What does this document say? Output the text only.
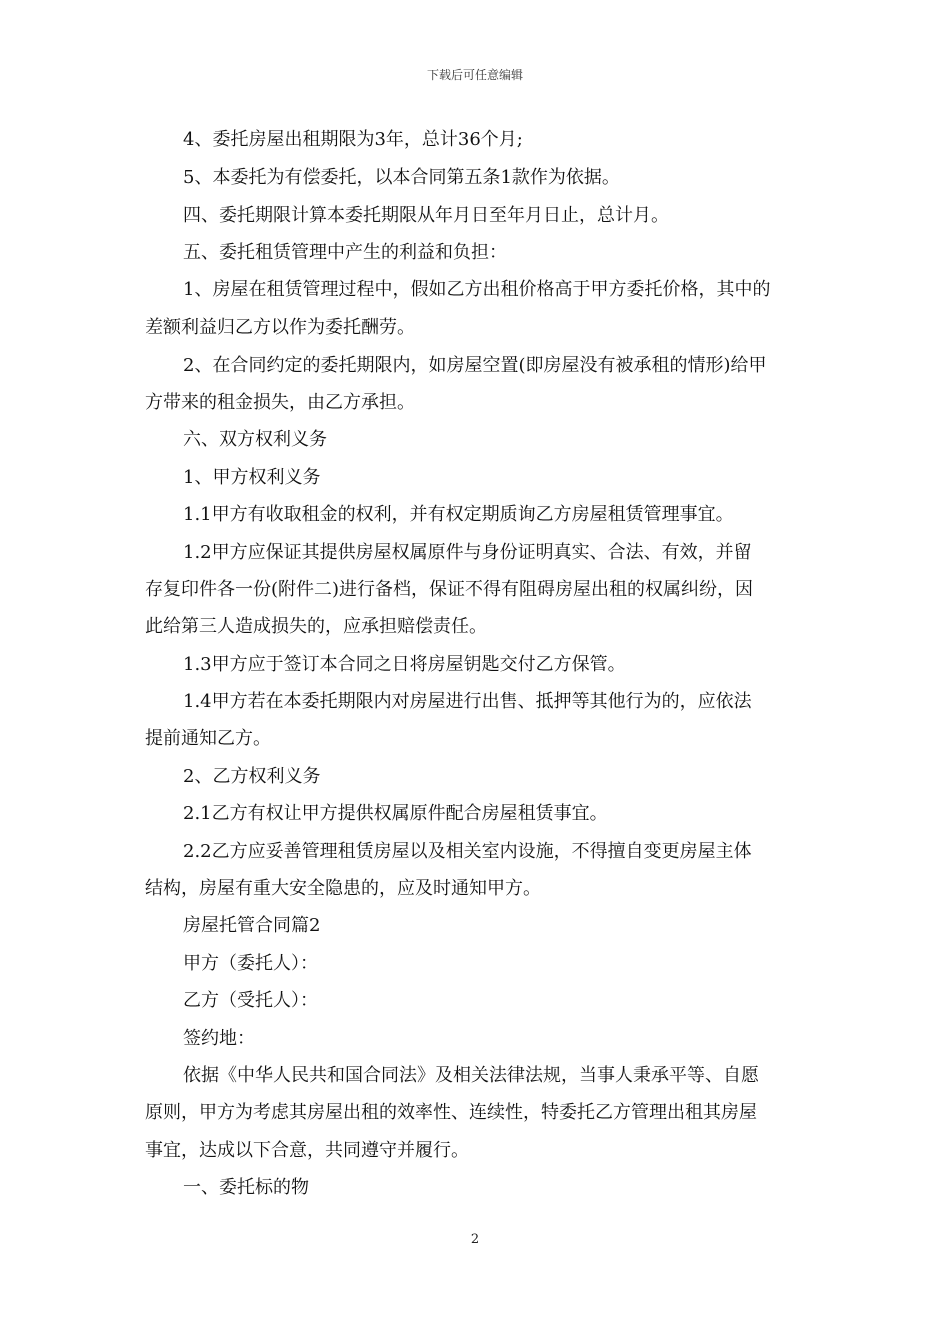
下载后可任意编辑
4、委托房屋出租期限为3年，总计36个月;
5、本委托为有偿委托，以本合同第五条1款作为依据。
四、委托期限计算本委托期限从年月日至年月日止，总计月。
五、委托租赁管理中产生的利益和负担：
1、房屋在租赁管理过程中，假如乙方出租价格高于甲方委托价格，其中的
差额利益归乙方以作为委托酬劳。
2、在合同约定的委托期限内，如房屋空置(即房屋没有被承租的情形)给甲
方带来的租金损失，由乙方承担。
六、双方权利义务
1、甲方权利义务
1.1甲方有收取租金的权利，并有权定期质询乙方房屋租赁管理事宜。
1.2甲方应保证其提供房屋权属原件与身份证明真实、合法、有效，并留
存复印件各一份(附件二)进行备档，保证不得有阻碍房屋出租的权属纠纷，因
此给第三人造成损失的，应承担赔偿责任。
1.3甲方应于签订本合同之日将房屋钥匙交付乙方保管。
1.4甲方若在本委托期限内对房屋进行出售、抵押等其他行为的，应依法
提前通知乙方。
2、乙方权利义务
2.1乙方有权让甲方提供权属原件配合房屋租赁事宜。
2.2乙方应妥善管理租赁房屋以及相关室内设施，不得擅自变更房屋主体
结构，房屋有重大安全隐患的，应及时通知甲方。
房屋托管合同篇2
甲方（委托人）：
乙方（受托人）：
签约地：
依据《中华人民共和国合同法》及相关法律法规，当事人秉承平等、自愿
原则，甲方为考虑其房屋出租的效率性、连续性，特委托乙方管理出租其房屋
事宜，达成以下合意，共同遵守并履行。
一、委托标的物
2
